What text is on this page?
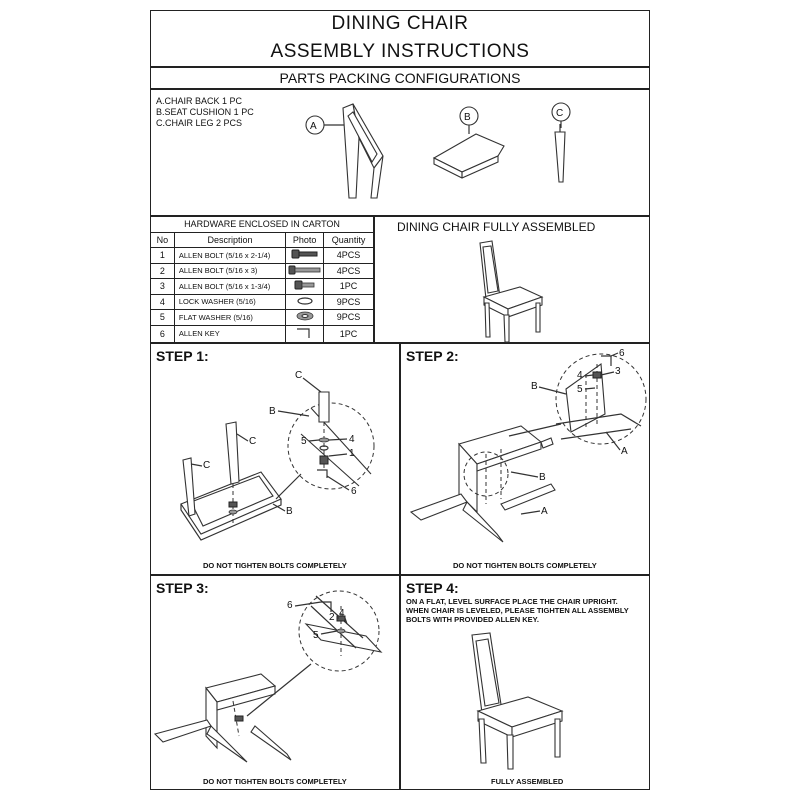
DINING CHAIR
ASSEMBLY INSTRUCTIONS
PARTS PACKING CONFIGURATIONS
A.CHAIR BACK 1 PC
B.SEAT CUSHION 1 PC
C.CHAIR LEG 2 PCS	A
B	C
HARDWARE ENCLOSED IN CARTON			
No	Description	Photo	Quantity
1	ALLEN BOLT (5/16 x 2-1/4)		4PCS
2	ALLEN BOLT (5/16 x 3)		4PCS
3	ALLEN BOLT (5/16 x 1-3/4)		1PC
4	LOCK WASHER (5/16)		9PCS
5	FLAT WASHER (5/16)		9PCS
6	ALLEN KEY		1PC
DINING CHAIR FULLY ASSEMBLED
STEP 1:
C
C
C
B
B
5	4
1
6
DO NOT TIGHTEN BOLTS COMPLETELY
STEP 2:
B
6
4	3
5
A
B
A
DO NOT TIGHTEN BOLTS COMPLETELY
STEP 3:
6
2 4
5
DO NOT TIGHTEN BOLTS COMPLETELY
STEP 4:
ON A FLAT, LEVEL SURFACE PLACE THE CHAIR UPRIGHT.
WHEN CHAIR IS LEVELED, PLEASE TIGHTEN ALL ASSEMBLY
BOLTS WITH PROVIDED ALLEN KEY.
FULLY ASSEMBLED
